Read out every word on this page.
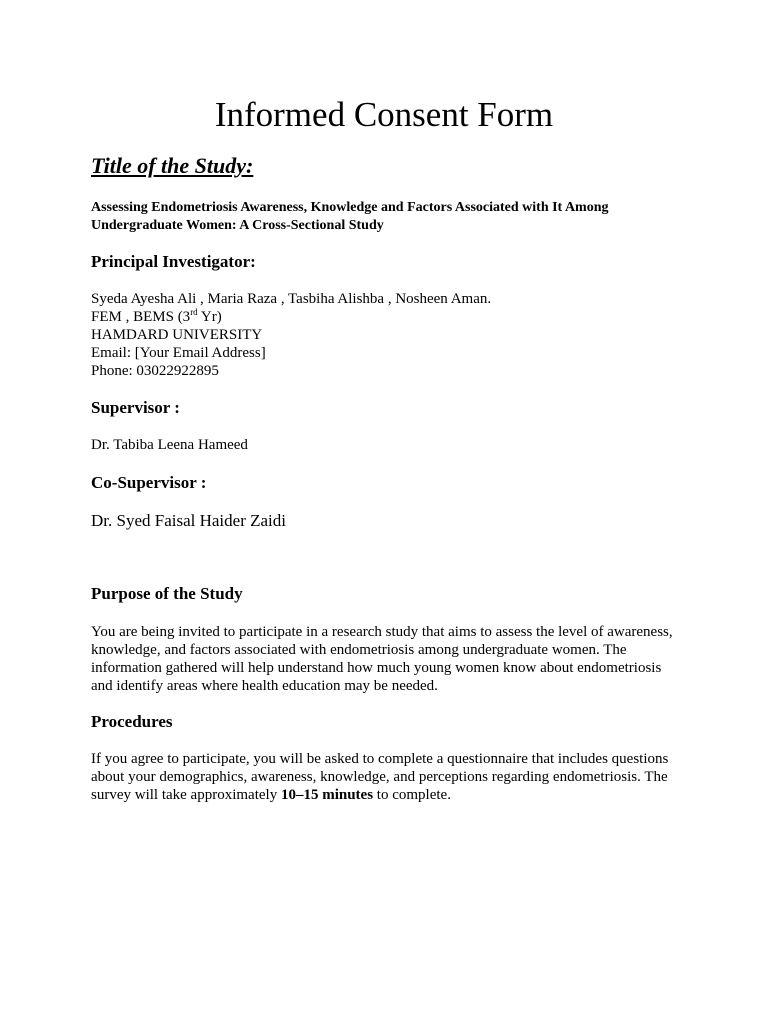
Informed Consent Form
Title of the Study:
Assessing Endometriosis Awareness, Knowledge and Factors Associated with It Among
Undergraduate Women: A Cross-Sectional Study
Principal Investigator:
Syeda Ayesha Ali , Maria Raza , Tasbiha Alishba , Nosheen Aman.
FEM , BEMS (3rd Yr)
HAMDARD UNIVERSITY
Email: [Your Email Address]
Phone: 03022922895
Supervisor :
Dr. Tabiba Leena Hameed
Co-Supervisor :
Dr. Syed Faisal Haider Zaidi
Purpose of the Study
You are being invited to participate in a research study that aims to assess the level of awareness,
knowledge, and factors associated with endometriosis among undergraduate women. The
information gathered will help understand how much young women know about endometriosis
and identify areas where health education may be needed.
Procedures
If you agree to participate, you will be asked to complete a questionnaire that includes questions
about your demographics, awareness, knowledge, and perceptions regarding endometriosis. The
survey will take approximately 10–15 minutes to complete.
